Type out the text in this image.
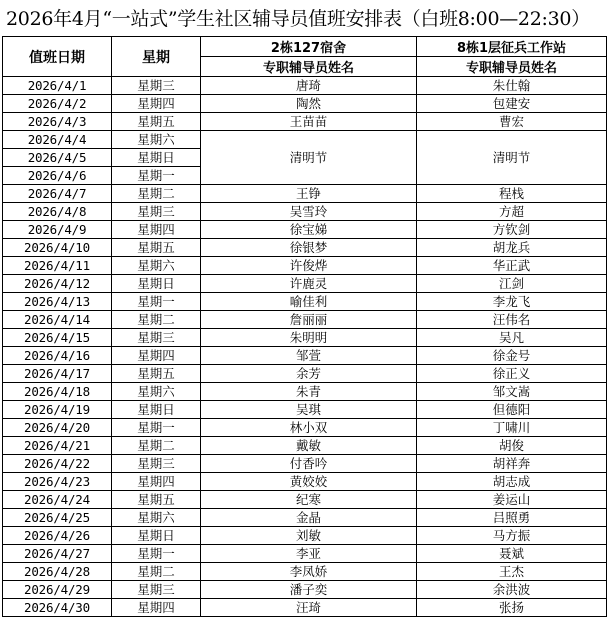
2026年4月“一站式”学生社区辅导员值班安排表（白班8:00—22:30）
值班日期	星期	2栋127宿舍	8栋1层征兵工作站
		专职辅导员姓名	专职辅导员姓名
2026/4/1	星期三	唐琦	朱仕翰
2026/4/2	星期四	陶然	包建安
2026/4/3	星期五	王苗苗	曹宏
2026/4/4	星期六	清明节	清明节
2026/4/5	星期日		
2026/4/6	星期一		
2026/4/7	星期二	王铮	程栈
2026/4/8	星期三	吴雪玲	方超
2026/4/9	星期四	徐宝娣	方钦剑
2026/4/10	星期五	徐银梦	胡龙兵
2026/4/11	星期六	许俊烨	华正武
2026/4/12	星期日	许鹿灵	江剑
2026/4/13	星期一	喻佳利	李龙飞
2026/4/14	星期二	詹丽丽	汪伟名
2026/4/15	星期三	朱明明	吴凡
2026/4/16	星期四	邹萱	徐金号
2026/4/17	星期五	余芳	徐正义
2026/4/18	星期六	朱青	邹文嵩
2026/4/19	星期日	吴琪	但德阳
2026/4/20	星期一	林小双	丁啸川
2026/4/21	星期二	戴敏	胡俊
2026/4/22	星期三	付香吟	胡祥奔
2026/4/23	星期四	黄姣姣	胡志成
2026/4/24	星期五	纪寒	姜运山
2026/4/25	星期六	金晶	吕照勇
2026/4/26	星期日	刘敏	马方振
2026/4/27	星期一	李亚	聂斌
2026/4/28	星期二	李凤娇	王杰
2026/4/29	星期三	潘子奕	余洪波
2026/4/30	星期四	汪琦	张扬
